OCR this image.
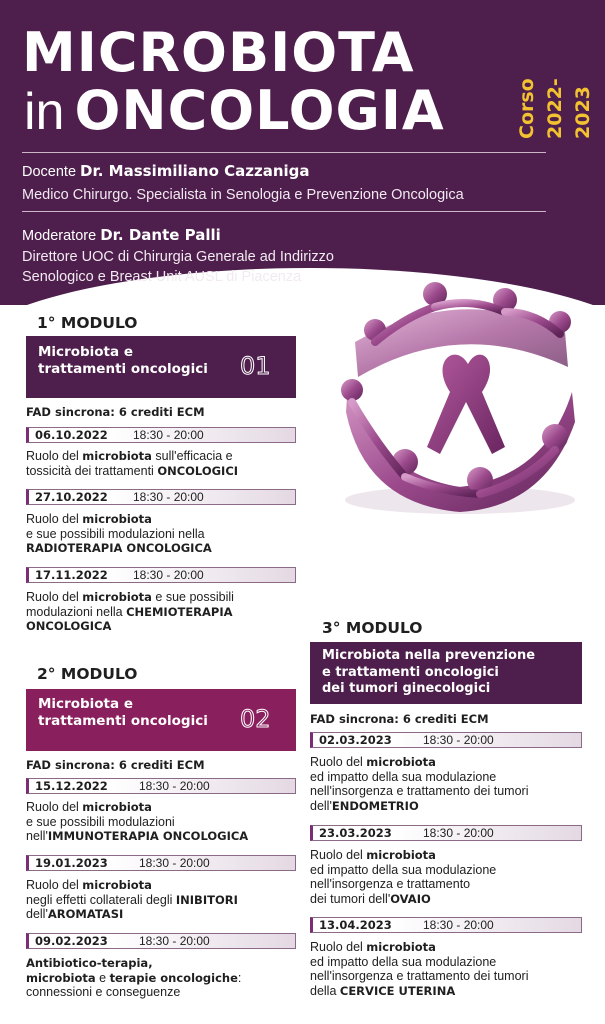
MICROBIOTA
in ONCOLOGIA	Corso 2022-2023
Docente Dr. Massimiliano Cazzaniga
Medico Chirurgo. Specialista in Senologia e Prevenzione Oncologica
Moderatore Dr. Dante Palli
Direttore UOC di Chirurgia Generale ad Indirizzo
Senologico e Breast Unit AUSL di Piacenza
1° MODULO
Microbiota e
trattamenti oncologici	01
FAD sincrona: 6 crediti ECM
06.10.2022 18:30 - 20:00
Ruolo del microbiota sull'efficacia e
tossicità dei trattamenti ONCOLOGICI
27.10.2022 18:30 - 20:00
Ruolo del microbiota
e sue possibili modulazioni nella
RADIOTERAPIA ONCOLOGICA
17.11.2022 18:30 - 20:00
Ruolo del microbiota e sue possibili
modulazioni nella CHEMIOTERAPIA
ONCOLOGICA
2° MODULO
Microbiota e
trattamenti oncologici	02
FAD sincrona: 6 crediti ECM
15.12.2022	18:30 - 20:00
Ruolo del microbiota
e sue possibili modulazioni
nell'IMMUNOTERAPIA ONCOLOGICA
19.01.2023	18:30 - 20:00
Ruolo del microbiota
negli effetti collaterali degli INIBITORI
dell'AROMATASI
09.02.2023	18:30 - 20:00
Antibiotico-terapia,
microbiota e terapie oncologiche:
connessioni e conseguenze
3° MODULO
Microbiota nella prevenzione
e trattamenti oncologici
dei tumori ginecologici
FAD sincrona: 6 crediti ECM
02.03.2023	18:30 - 20:00
Ruolo del microbiota
ed impatto della sua modulazione
nell'insorgenza e trattamento dei tumori
dell'ENDOMETRIO
23.03.2023	18:30 - 20:00
Ruolo del microbiota
ed impatto della sua modulazione
nell'insorgenza e trattamento
dei tumori dell'OVAIO
13.04.2023	18:30 - 20:00
Ruolo del microbiota
ed impatto della sua modulazione
nell'insorgenza e trattamento dei tumori
della CERVICE UTERINA
